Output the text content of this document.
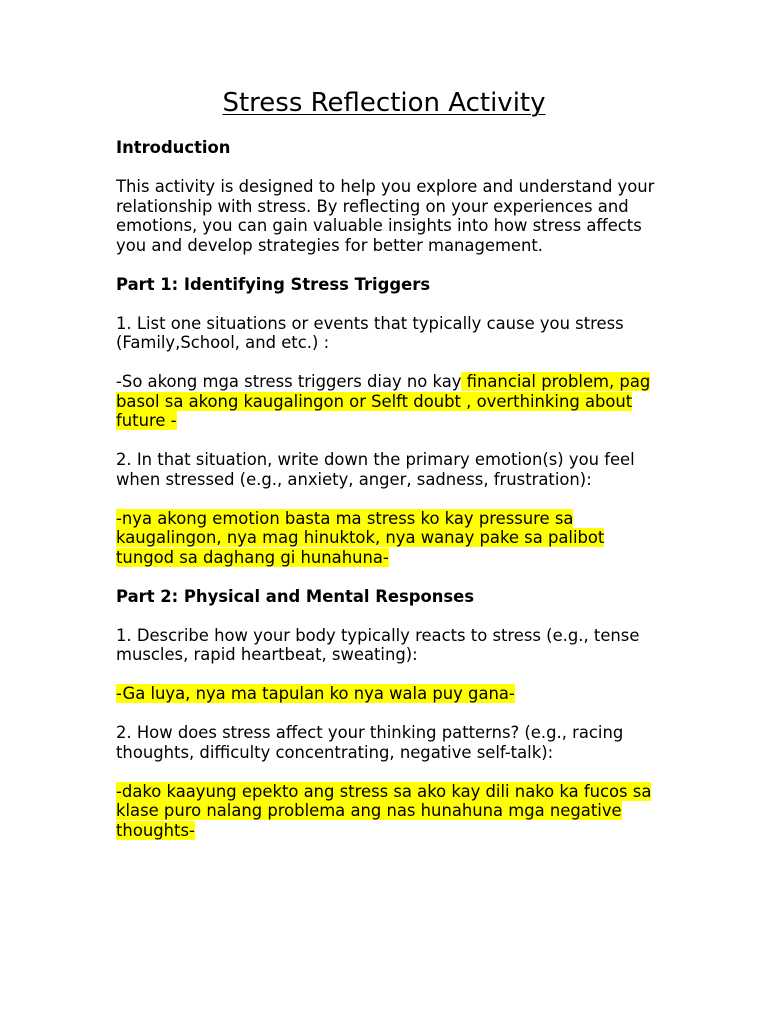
Stress Reflection Activity

Introduction

This activity is designed to help you explore and understand your relationship with stress. By reflecting on your experiences and emotions, you can gain valuable insights into how stress affects you and develop strategies for better management.

Part 1: Identifying Stress Triggers

1. List one situations or events that typically cause you stress (Family,School, and etc.) :

-So akong mga stress triggers diay no kay financial problem, pag basol sa akong kaugalingon or Selft doubt , overthinking about future -

2. In that situation, write down the primary emotion(s) you feel when stressed (e.g., anxiety, anger, sadness, frustration):

-nya akong emotion basta ma stress ko kay pressure sa kaugalingon, nya mag hinuktok, nya wanay pake sa palibot tungod sa daghang gi hunahuna-

Part 2: Physical and Mental Responses

1. Describe how your body typically reacts to stress (e.g., tense muscles, rapid heartbeat, sweating):

-Ga luya, nya ma tapulan ko nya wala puy gana-

2. How does stress affect your thinking patterns? (e.g., racing thoughts, difficulty concentrating, negative self-talk):

-dako kaayung epekto ang stress sa ako kay dili nako ka fucos sa klase puro nalang problema ang nas hunahuna mga negative thoughts-
